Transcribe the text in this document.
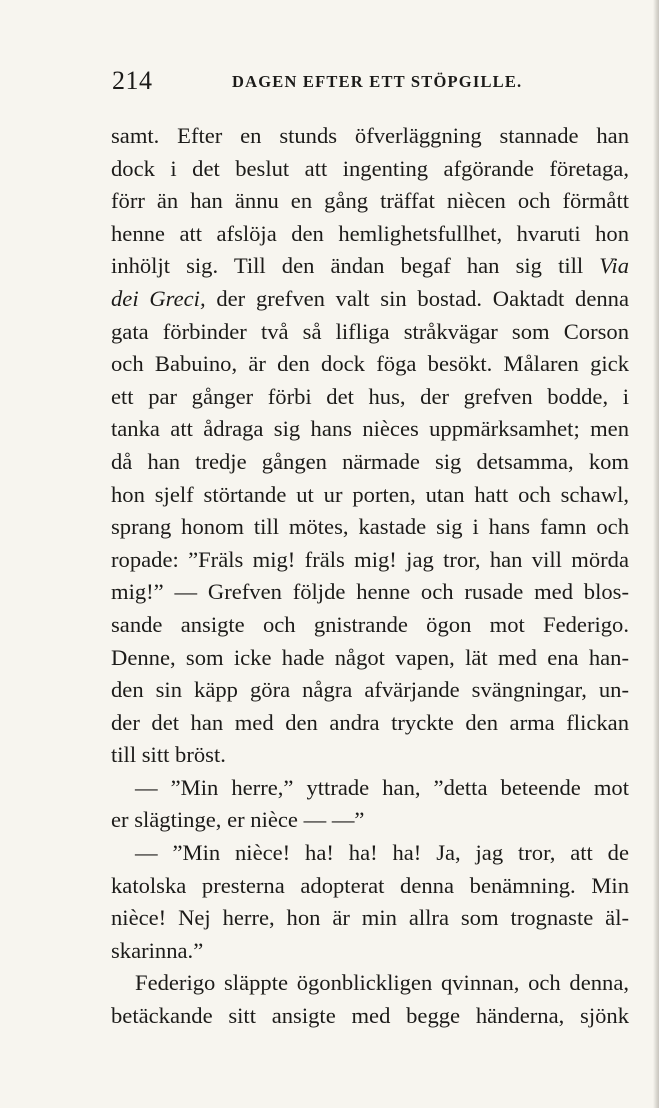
214	DAGEN EFTER ETT STÖPGILLE.
samt. Efter en stunds öfverläggning stannade han
dock i det beslut att ingenting afgörande företaga,
förr än han ännu en gång träffat niècen och förmått
henne att afslöja den hemlighetsfullhet, hvaruti hon
inhöljt sig. Till den ändan begaf han sig till Via
dei Greci, der grefven valt sin bostad. Oaktadt denna
gata förbinder två så lifliga stråkvägar som Corson
och Babuino, är den dock föga besökt. Målaren gick
ett par gånger förbi det hus, der grefven bodde, i
tanka att ådraga sig hans nièces uppmärksamhet; men
då han tredje gången närmade sig detsamma, kom
hon sjelf störtande ut ur porten, utan hatt och schawl,
sprang honom till mötes, kastade sig i hans famn och
ropade: ”Fräls mig! fräls mig! jag tror, han vill mörda
mig!” — Grefven följde henne och rusade med blos-
sande ansigte och gnistrande ögon mot Federigo.
Denne, som icke hade något vapen, lät med ena han-
den sin käpp göra några afvärjande svängningar, un-
der det han med den andra tryckte den arma flickan
till sitt bröst.
— ”Min herre,” yttrade han, ”detta beteende mot
er slägtinge, er nièce — —”
— ”Min nièce! ha! ha! ha! Ja, jag tror, att de
katolska presterna adopterat denna benämning. Min
nièce! Nej herre, hon är min allra som trognaste äl-
skarinna.”
Federigo släppte ögonblickligen qvinnan, och denna,
betäckande sitt ansigte med begge händerna, sjönk
